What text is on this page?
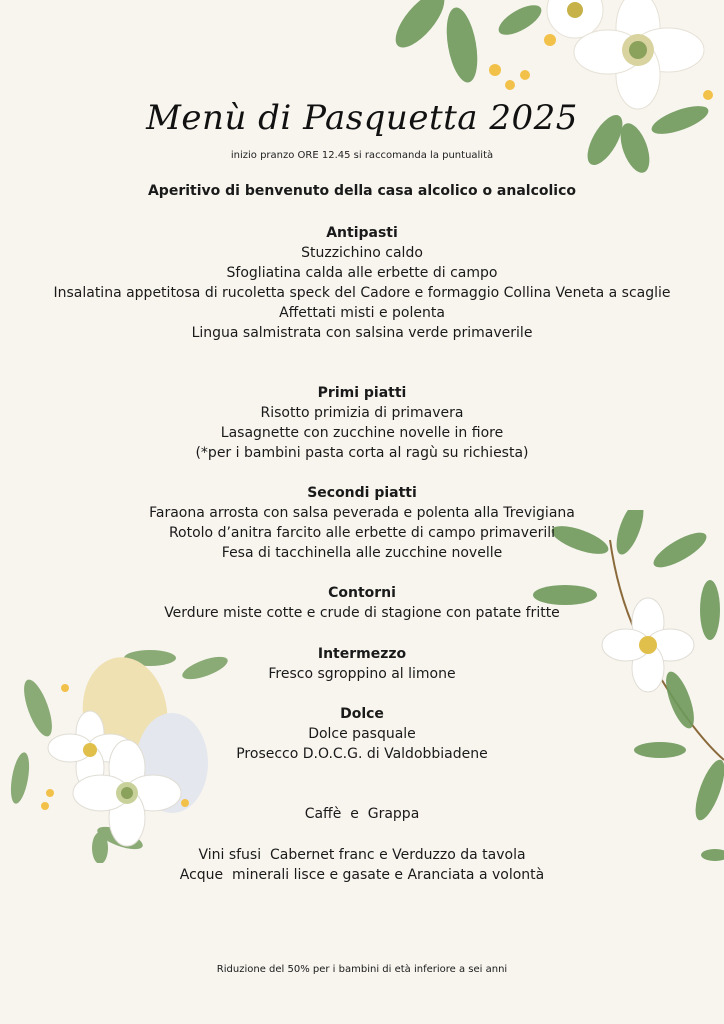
Menù di Pasquetta 2025
inizio pranzo ORE 12.45 si raccomanda la puntualità
Aperitivo di benvenuto della casa alcolico o analcolico
Antipasti
Stuzzichino caldo
Sfogliatina calda alle erbette di campo
Insalatina appetitosa di rucoletta speck del Cadore e formaggio Collina Veneta a scaglie
Affettati misti e polenta
Lingua salmistrata con salsina verde primaverile
Primi piatti
Risotto primizia di primavera
Lasagnette con zucchine novelle in fiore
(*per i bambini pasta corta al ragù su richiesta)
Secondi piatti
Faraona arrosta con salsa peverada e polenta alla Trevigiana
Rotolo d’anitra farcito alle erbette di campo primaverili
Fesa di tacchinella alle zucchine novelle
Contorni
Verdure miste cotte e crude di stagione con patate fritte
Intermezzo
Fresco sgroppino al limone
Dolce
Dolce pasquale
Prosecco D.O.C.G. di Valdobbiadene
Caffè  e  Grappa
Vini sfusi  Cabernet franc e Verduzzo da tavola
Acque  minerali lisce e gasate e Aranciata a volontà
Riduzione del 50% per i bambini di età inferiore a sei anni
